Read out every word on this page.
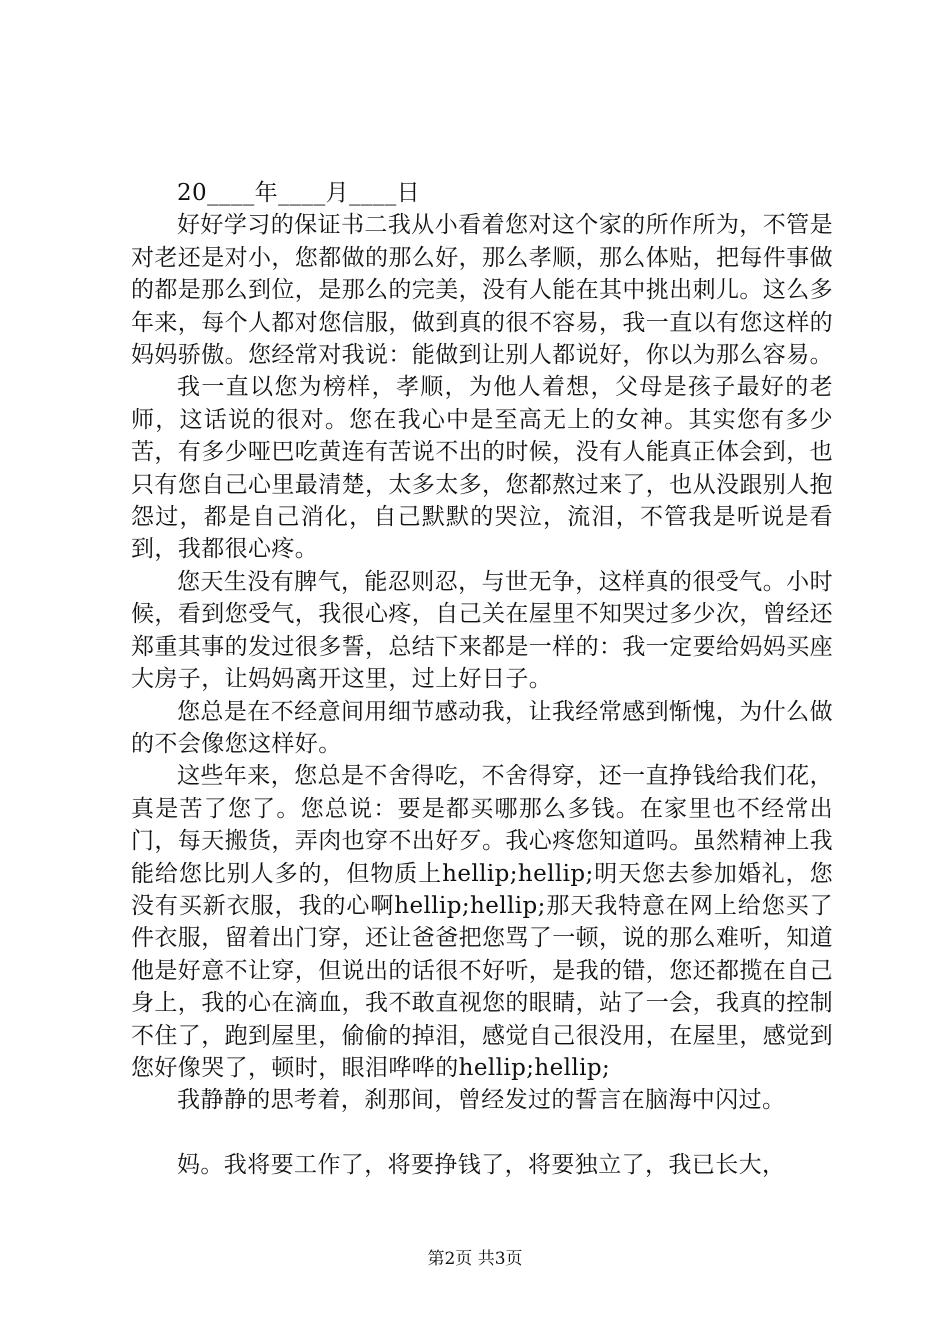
20____年____月____日

好好学习的保证书二我从小看着您对这个家的所作所为，不管是对老还是对小，您都做的那么好，那么孝顺，那么体贴，把每件事做的都是那么到位，是那么的完美，没有人能在其中挑出刺儿。这么多年来，每个人都对您信服，做到真的很不容易，我一直以有您这样的妈妈骄傲。您经常对我说：能做到让别人都说好，你以为那么容易。

我一直以您为榜样，孝顺，为他人着想，父母是孩子最好的老师，这话说的很对。您在我心中是至高无上的女神。其实您有多少苦，有多少哑巴吃黄连有苦说不出的时候，没有人能真正体会到，也只有您自己心里最清楚，太多太多，您都熬过来了，也从没跟别人抱怨过，都是自己消化，自己默默的哭泣，流泪，不管我是听说是看到，我都很心疼。

您天生没有脾气，能忍则忍，与世无争，这样真的很受气。小时候，看到您受气，我很心疼，自己关在屋里不知哭过多少次，曾经还郑重其事的发过很多誓，总结下来都是一样的：我一定要给妈妈买座大房子，让妈妈离开这里，过上好日子。

您总是在不经意间用细节感动我，让我经常感到惭愧，为什么做的不会像您这样好。

这些年来，您总是不舍得吃，不舍得穿，还一直挣钱给我们花，真是苦了您了。您总说：要是都买哪那么多钱。在家里也不经常出门，每天搬货，弄肉也穿不出好歹。我心疼您知道吗。虽然精神上我能给您比别人多的，但物质上hellip;hellip;明天您去参加婚礼，您没有买新衣服，我的心啊hellip;hellip;那天我特意在网上给您买了件衣服，留着出门穿，还让爸爸把您骂了一顿，说的那么难听，知道他是好意不让穿，但说出的话很不好听，是我的错，您还都揽在自己身上，我的心在滴血，我不敢直视您的眼睛，站了一会，我真的控制不住了，跑到屋里，偷偷的掉泪，感觉自己很没用，在屋里，感觉到您好像哭了，顿时，眼泪哗哗的hellip;hellip;

我静静的思考着，刹那间，曾经发过的誓言在脑海中闪过。

妈。我将要工作了，将要挣钱了，将要独立了，我已长大，

第2页 共3页
